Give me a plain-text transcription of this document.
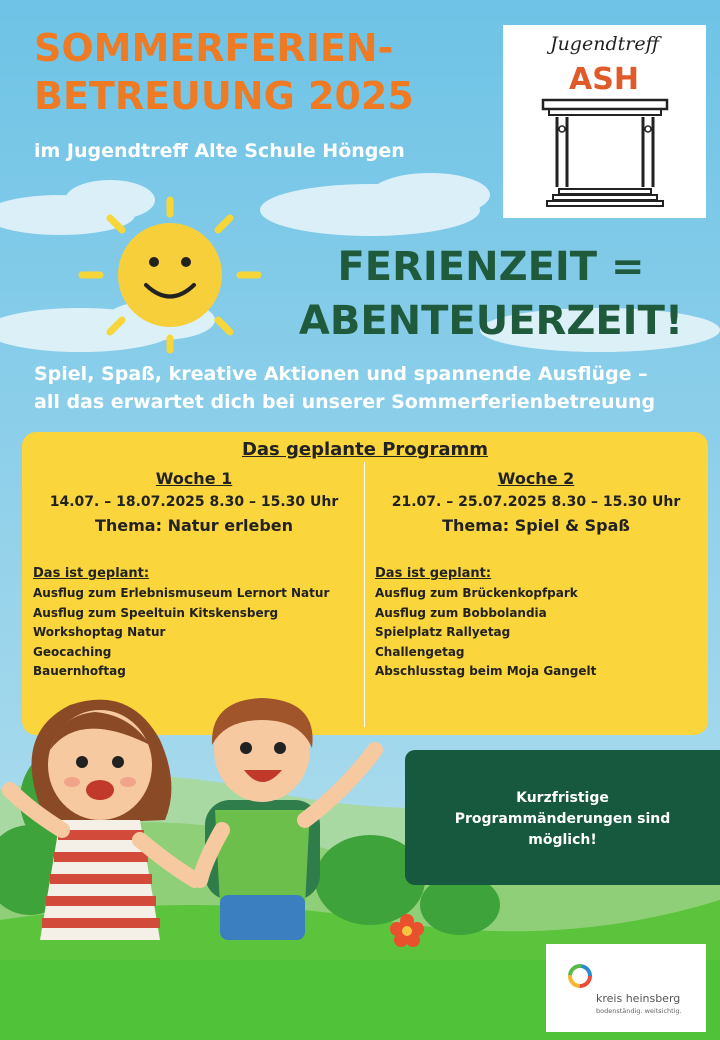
SOMMERFERIEN-
BETREUUNG 2025
im Jugendtreff Alte Schule Höngen
Jugendtreff
ASH
FERIENZEIT =
ABENTEUERZEIT!
Spiel, Spaß, kreative Aktionen und spannende Ausflüge –
all das erwartet dich bei unserer Sommerferienbetreuung
Das geplante Programm
Woche 1
14.07. – 18.07.2025 8.30 – 15.30 Uhr
Thema: Natur erleben
Das ist geplant:
Ausflug zum Erlebnismuseum Lernort Natur
Ausflug zum Speeltuin Kitskensberg
Workshoptag Natur
Geocaching
Bauernhoftag
Woche 2
21.07. – 25.07.2025 8.30 – 15.30 Uhr
Thema: Spiel & Spaß
Das ist geplant:
Ausflug zum Brückenkopfpark
Ausflug zum Bobbolandia
Spielplatz Rallyetag
Challengetag
Abschlusstag beim Moja Gangelt
Kurzfristige
Programmänderungen sind
möglich!
kreis heinsberg
bodenständig. weitsichtig.
